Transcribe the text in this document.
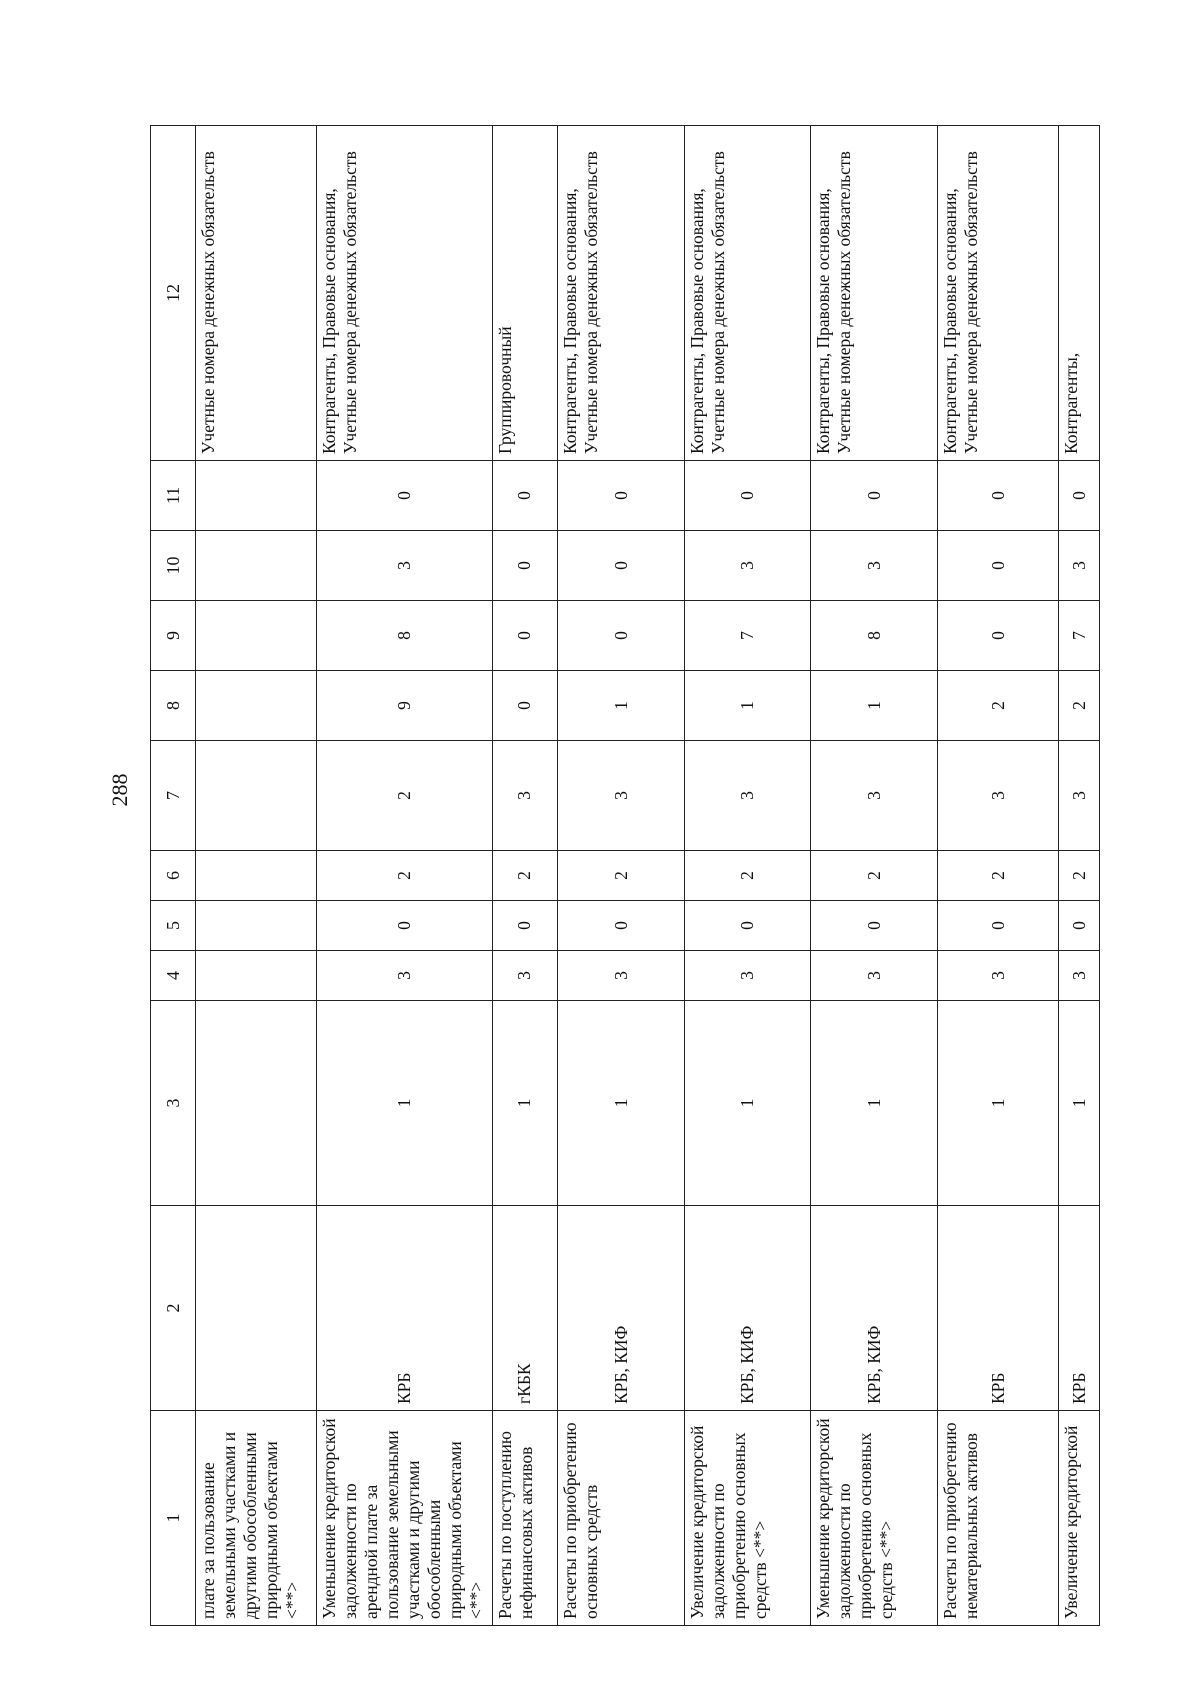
288
1	2	3	4	5	6	7	8	9	10	11	12
плате за пользование земельными участками и другими обособленными природными объектами <**>											Учетные номера денежных обязательств
Уменьшение кредиторской задолженности по арендной плате за пользование земельными участками и другими обособленными природными объектами <**>	КРБ	1	3	0	2	2	9	8	3	0	Контрагенты, Правовые основания, Учетные номера денежных обязательств
Расчеты по поступлению нефинансовых активов	гКБК	1	3	0	2	3	0	0	0	0	Группировочный
Расчеты по приобретению основных средств	КРБ, КИФ	1	3	0	2	3	1	0	0	0	Контрагенты, Правовые основания, Учетные номера денежных обязательств
Увеличение кредиторской задолженности по приобретению основных средств <**>	КРБ, КИФ	1	3	0	2	3	1	7	3	0	Контрагенты, Правовые основания, Учетные номера денежных обязательств
Уменьшение кредиторской задолженности по приобретению основных средств <**>	КРБ, КИФ	1	3	0	2	3	1	8	3	0	Контрагенты, Правовые основания, Учетные номера денежных обязательств
Расчеты по приобретению нематериальных активов	КРБ	1	3	0	2	3	2	0	0	0	Контрагенты, Правовые основания, Учетные номера денежных обязательств
Увеличение кредиторской	КРБ	1	3	0	2	3	2	7	3	0	Контрагенты,
